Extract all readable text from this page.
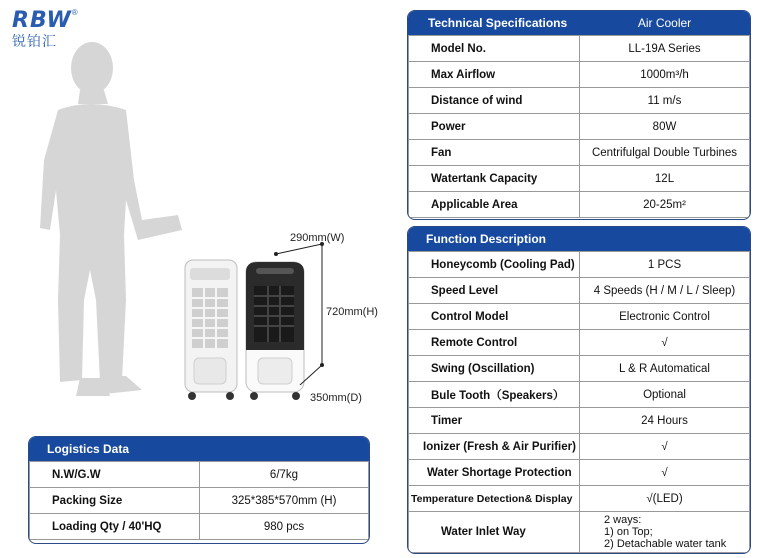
RBW®
锐铂汇
290mm(W)
720mm(H)
350mm(D)
Technical Specifications	Air Cooler
Model No.	LL-19A Series
Max Airflow	1000m³/h
Distance of wind	11 m/s
Power	80W
Fan	Centrifulgal Double Turbines
Watertank Capacity	12L
Applicable Area	20-25m²
Function Description
Honeycomb (Cooling Pad)	1 PCS
Speed Level	4 Speeds (H / M / L / Sleep)
Control Model	Electronic Control
Remote Control	√
Swing (Oscillation)	L & R Automatical
Bule Tooth（Speakers）	Optional
Timer	24 Hours
Ionizer (Fresh & Air Purifier)	√
Water Shortage Protection	√
Temperature Detection& Display	√(LED)
Water Inlet Way	2 ways:
1) on Top;
2) Detachable water tank
Logistics Data
N.W/G.W	6/7kg
Packing Size	325*385*570mm (H)
Loading Qty / 40'HQ	980 pcs
